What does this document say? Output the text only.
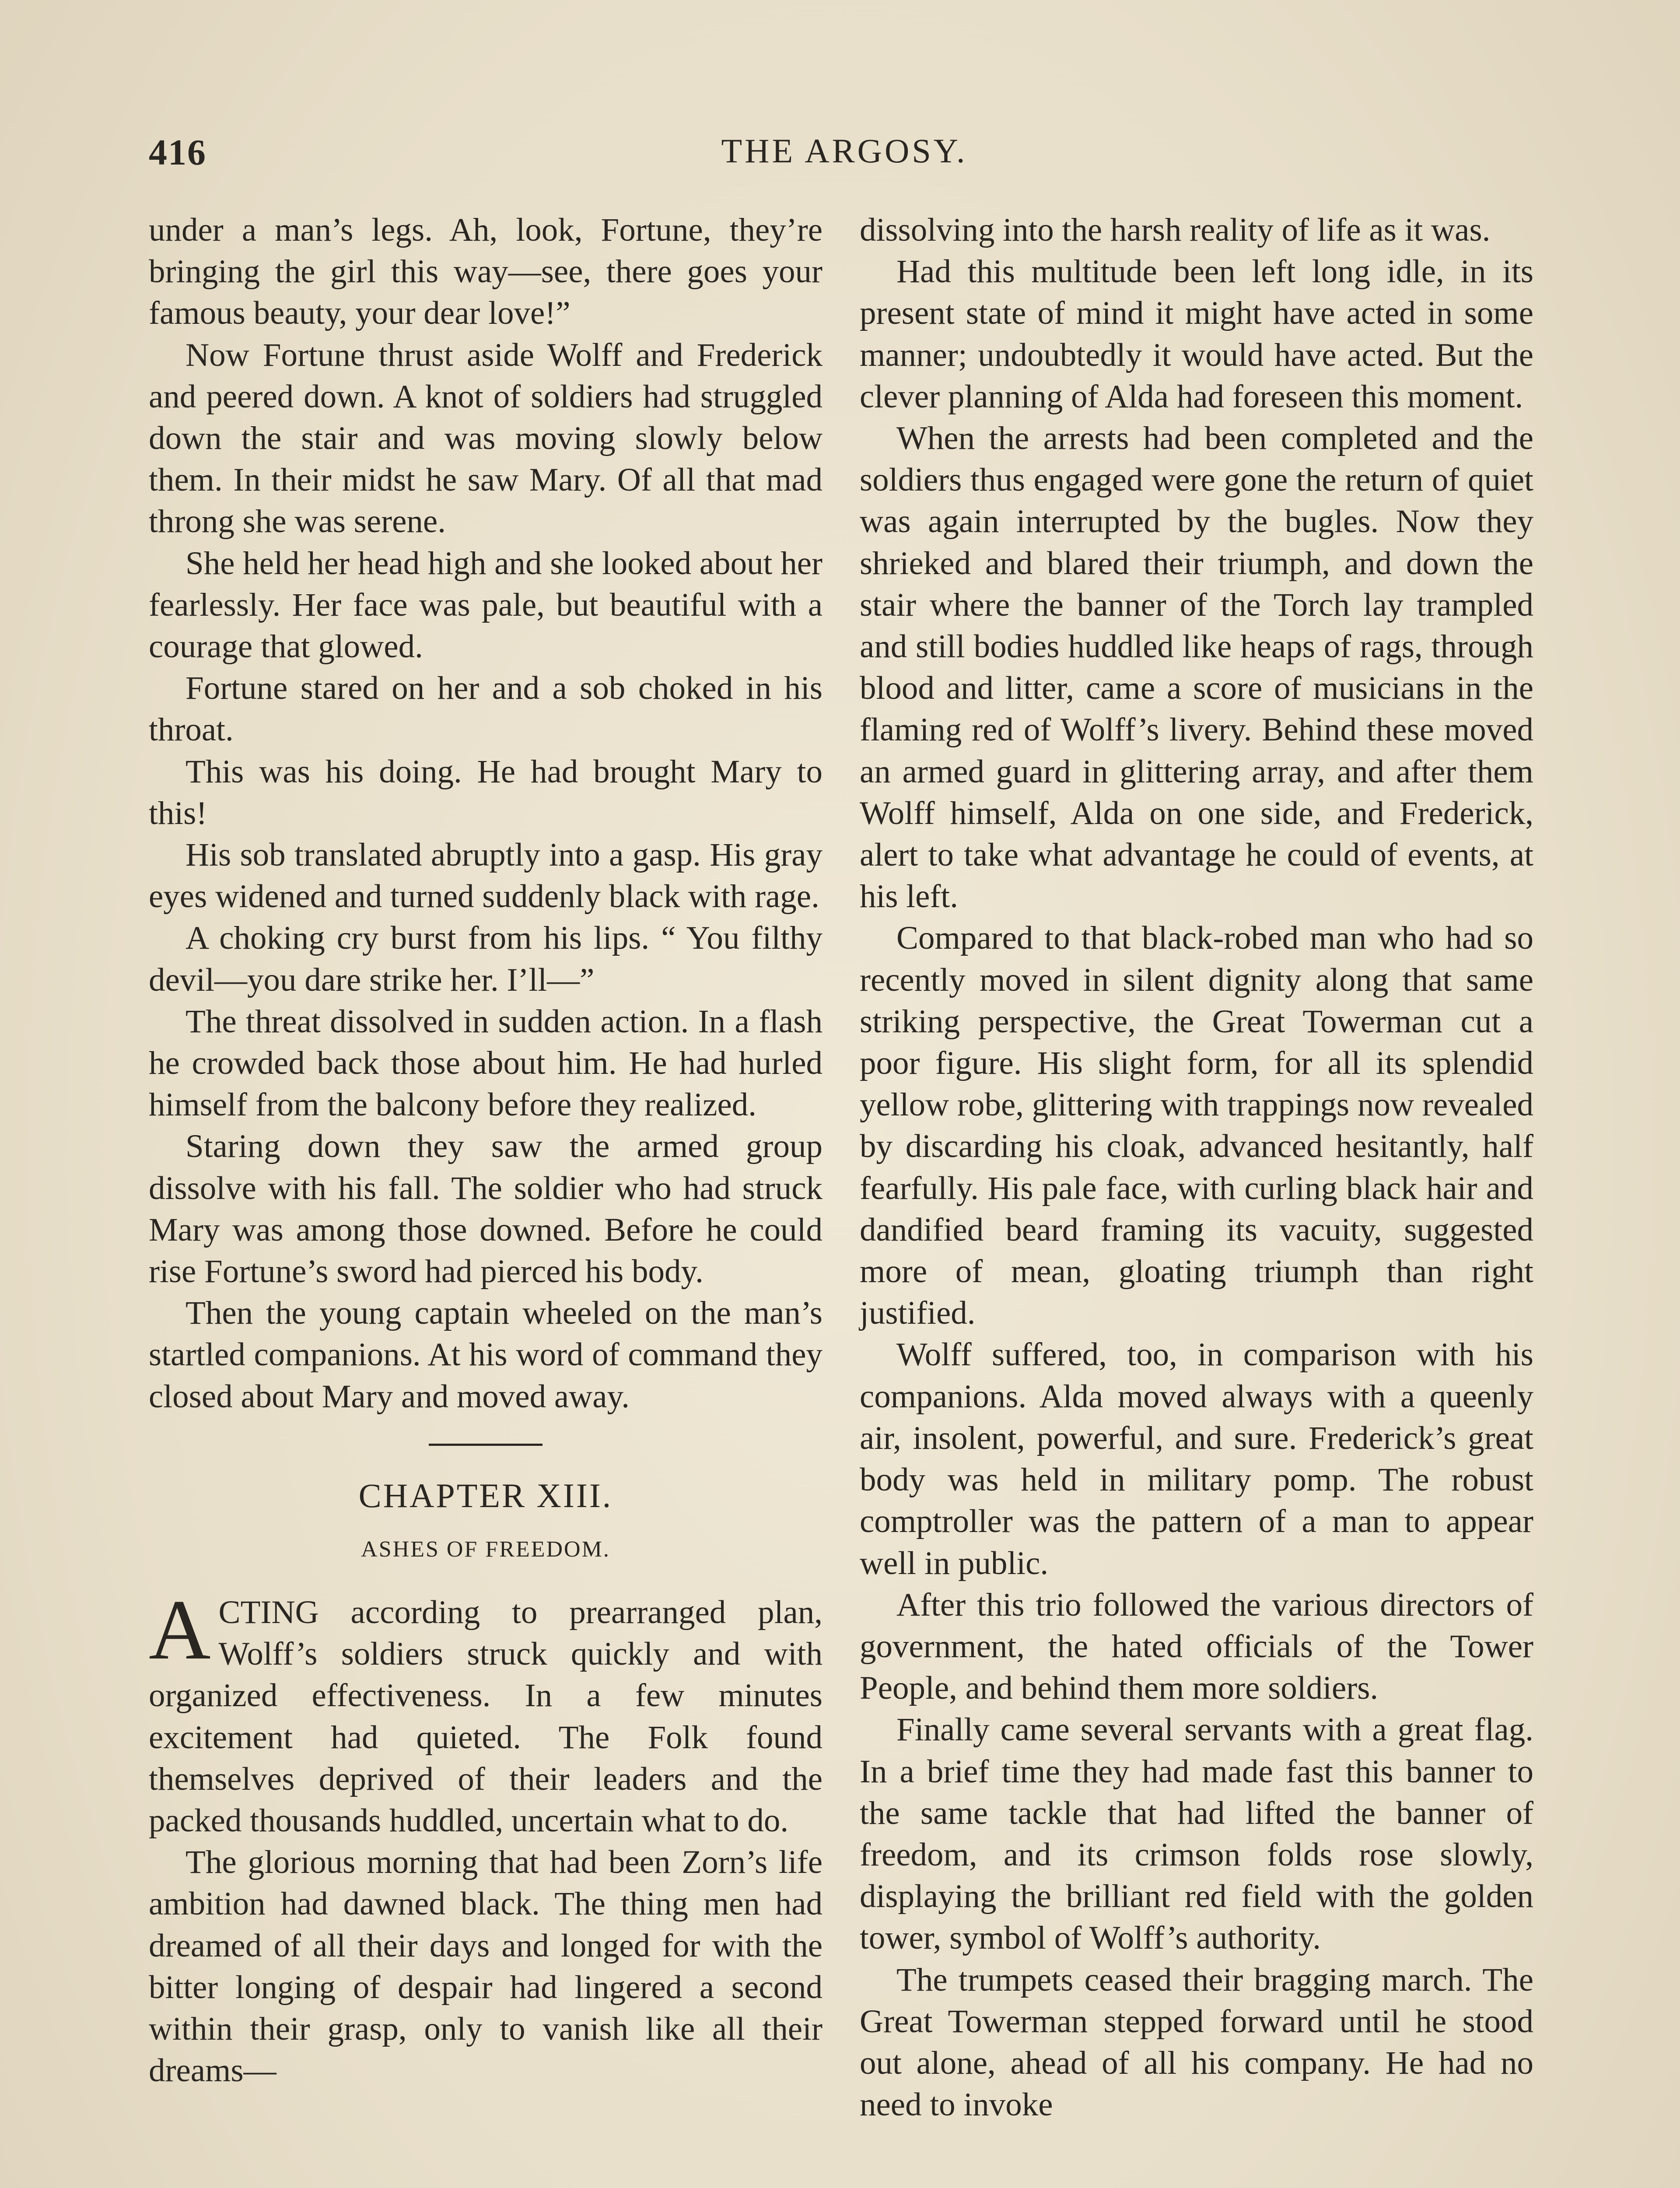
416	THE ARGOSY.

under a man’s legs. Ah, look, Fortune, they’re bringing the girl this way—see, there goes your famous beauty, your dear love!”

Now Fortune thrust aside Wolff and Frederick and peered down. A knot of soldiers had struggled down the stair and was moving slowly below them. In their midst he saw Mary. Of all that mad throng she was serene.

She held her head high and she looked about her fearlessly. Her face was pale, but beautiful with a courage that glowed.

Fortune stared on her and a sob choked in his throat.

This was his doing. He had brought Mary to this!

His sob translated abruptly into a gasp. His gray eyes widened and turned suddenly black with rage.

A choking cry burst from his lips. “ You filthy devil—you dare strike her. I’ll—”

The threat dissolved in sudden action. In a flash he crowded back those about him. He had hurled himself from the balcony before they realized.

Staring down they saw the armed group dissolve with his fall. The soldier who had struck Mary was among those downed. Before he could rise Fortune’s sword had pierced his body.

Then the young captain wheeled on the man’s startled companions. At his word of command they closed about Mary and moved away.

CHAPTER XIII.
ASHES OF FREEDOM.

ACTING according to prearranged plan, Wolff’s soldiers struck quickly and with organized effectiveness. In a few minutes excitement had quieted. The Folk found themselves deprived of their leaders and the packed thousands huddled, uncertain what to do.

The glorious morning that had been Zorn’s life ambition had dawned black. The thing men had dreamed of all their days and longed for with the bitter longing of despair had lingered a second within their grasp, only to vanish like all their dreams—

dissolving into the harsh reality of life as it was.

Had this multitude been left long idle, in its present state of mind it might have acted in some manner; undoubtedly it would have acted. But the clever planning of Alda had foreseen this moment.

When the arrests had been completed and the soldiers thus engaged were gone the return of quiet was again interrupted by the bugles. Now they shrieked and blared their triumph, and down the stair where the banner of the Torch lay trampled and still bodies huddled like heaps of rags, through blood and litter, came a score of musicians in the flaming red of Wolff’s livery. Behind these moved an armed guard in glittering array, and after them Wolff himself, Alda on one side, and Frederick, alert to take what advantage he could of events, at his left.

Compared to that black-robed man who had so recently moved in silent dignity along that same striking perspective, the Great Towerman cut a poor figure. His slight form, for all its splendid yellow robe, glittering with trappings now revealed by discarding his cloak, advanced hesitantly, half fearfully. His pale face, with curling black hair and dandified beard framing its vacuity, suggested more of mean, gloating triumph than right justified.

Wolff suffered, too, in comparison with his companions. Alda moved always with a queenly air, insolent, powerful, and sure. Frederick’s great body was held in military pomp. The robust comptroller was the pattern of a man to appear well in public.

After this trio followed the various directors of government, the hated officials of the Tower People, and behind them more soldiers.

Finally came several servants with a great flag. In a brief time they had made fast this banner to the same tackle that had lifted the banner of freedom, and its crimson folds rose slowly, displaying the brilliant red field with the golden tower, symbol of Wolff’s authority.

The trumpets ceased their bragging march. The Great Towerman stepped forward until he stood out alone, ahead of all his company. He had no need to invoke
